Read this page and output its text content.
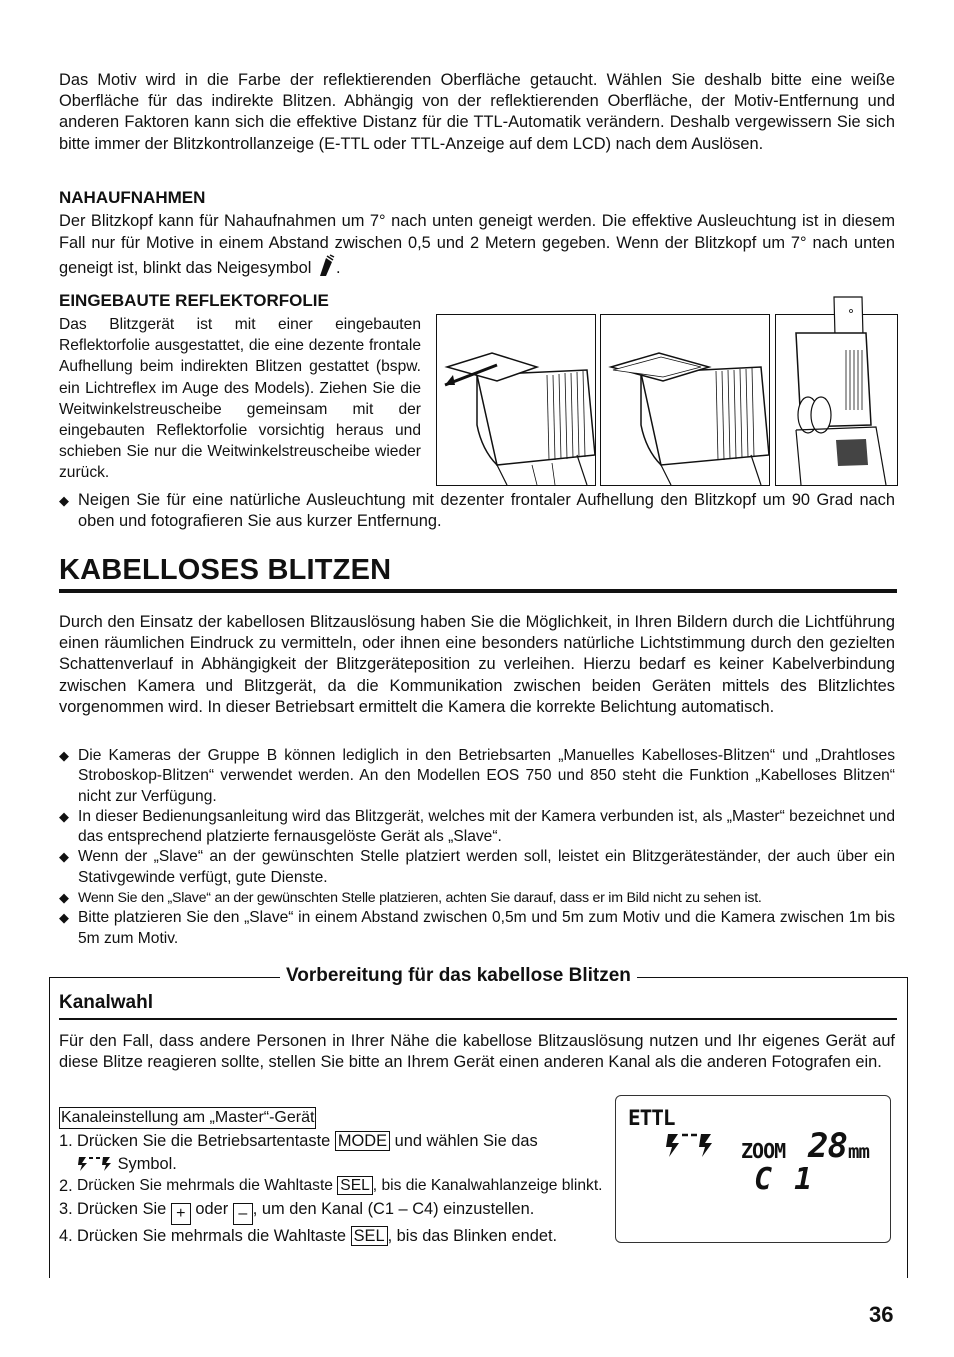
Das Motiv wird in die Farbe der reflektierenden Oberfläche getaucht. Wählen Sie deshalb bitte eine weiße Oberfläche für das indirekte Blitzen. Abhängig von der reflektierenden Oberfläche, der Motiv-Entfernung und anderen Faktoren kann sich die effektive Distanz für die TTL-Automatik verändern. Deshalb vergewissern Sie sich bitte immer der Blitzkontrollanzeige (E-TTL oder TTL-Anzeige auf dem LCD) nach dem Auslösen.

NAHAUFNAHMEN

Der Blitzkopf kann für Nahaufnahmen um 7° nach unten geneigt werden. Die effektive Ausleuchtung ist in diesem Fall nur für Motive in einem Abstand zwischen 0,5 und 2 Metern gegeben. Wenn der Blitzkopf um 7° nach unten geneigt ist, blinkt das Neigesymbol .

EINGEBAUTE REFLEKTORFOLIE

Das Blitzgerät ist mit einer eingebauten Reflektorfolie ausgestattet, die eine dezente frontale Aufhellung beim indirekten Blitzen gestattet (bspw. ein Lichtreflex im Auge des Models). Ziehen Sie die Weitwinkelstreuscheibe gemeinsam mit der eingebauten Reflektorfolie vorsichtig heraus und schieben Sie nur die Weitwinkelstreuscheibe wieder zurück.

◆ Neigen Sie für eine natürliche Ausleuchtung mit dezenter frontaler Aufhellung den Blitzkopf um 90 Grad nach oben und fotografieren Sie aus kurzer Entfernung.

KABELLOSES BLITZEN

Durch den Einsatz der kabellosen Blitzauslösung haben Sie die Möglichkeit, in Ihren Bildern durch die Lichtführung einen räumlichen Eindruck zu vermitteln, oder ihnen eine besonders natürliche Lichtstimmung durch den gezielten Schattenverlauf in Abhängigkeit der Blitzgeräteposition zu verleihen. Hierzu bedarf es keiner Kabelverbindung zwischen Kamera und Blitzgerät, da die Kommunikation zwischen beiden Geräten mittels des Blitzlichtes vorgenommen wird. In dieser Betriebsart ermittelt die Kamera die korrekte Belichtung automatisch.

◆ Die Kameras der Gruppe B können lediglich in den Betriebsarten „Manuelles Kabelloses-Blitzen“ und „Drahtloses Stroboskop-Blitzen“ verwendet werden. An den Modellen EOS 750 und 850 steht die Funktion „Kabelloses Blitzen“ nicht zur Verfügung.

◆ In dieser Bedienungsanleitung wird das Blitzgerät, welches mit der Kamera verbunden ist, als „Master“ bezeichnet und das entsprechend platzierte fernausgelöste Gerät als „Slave“.

◆ Wenn der „Slave“ an der gewünschten Stelle platziert werden soll, leistet ein Blitzgeräteständer, der auch über ein Stativgewinde verfügt, gute Dienste.

◆ Wenn Sie den „Slave“ an der gewünschten Stelle platzieren, achten Sie darauf, dass er im Bild nicht zu sehen ist.

◆ Bitte platzieren Sie den „Slave“ in einem Abstand zwischen 0,5m und 5m zum Motiv und die Kamera zwischen 1m bis 5m zum Motiv.

Vorbereitung für das kabellose Blitzen
Kanalwahl

Für den Fall, dass andere Personen in Ihrer Nähe die kabellose Blitzauslösung nutzen und Ihr eigenes Gerät auf diese Blitze reagieren sollte, stellen Sie bitte an Ihrem Gerät einen anderen Kanal als die anderen Fotografen ein.

Kanaleinstellung am „Master“-Gerät
1. Drücken Sie die Betriebsartentaste MODE und wählen Sie das
Symbol.
2. Drücken Sie mehrmals die Wahltaste SEL , bis die Kanalwahlanzeige blinkt.
3. Drücken Sie + oder – , um den Kanal (C1 – C4) einzustellen.
4. Drücken Sie mehrmals die Wahltaste SEL , bis das Blinken endet.
ETTL
ZOOM 28 mm
C 1
36
